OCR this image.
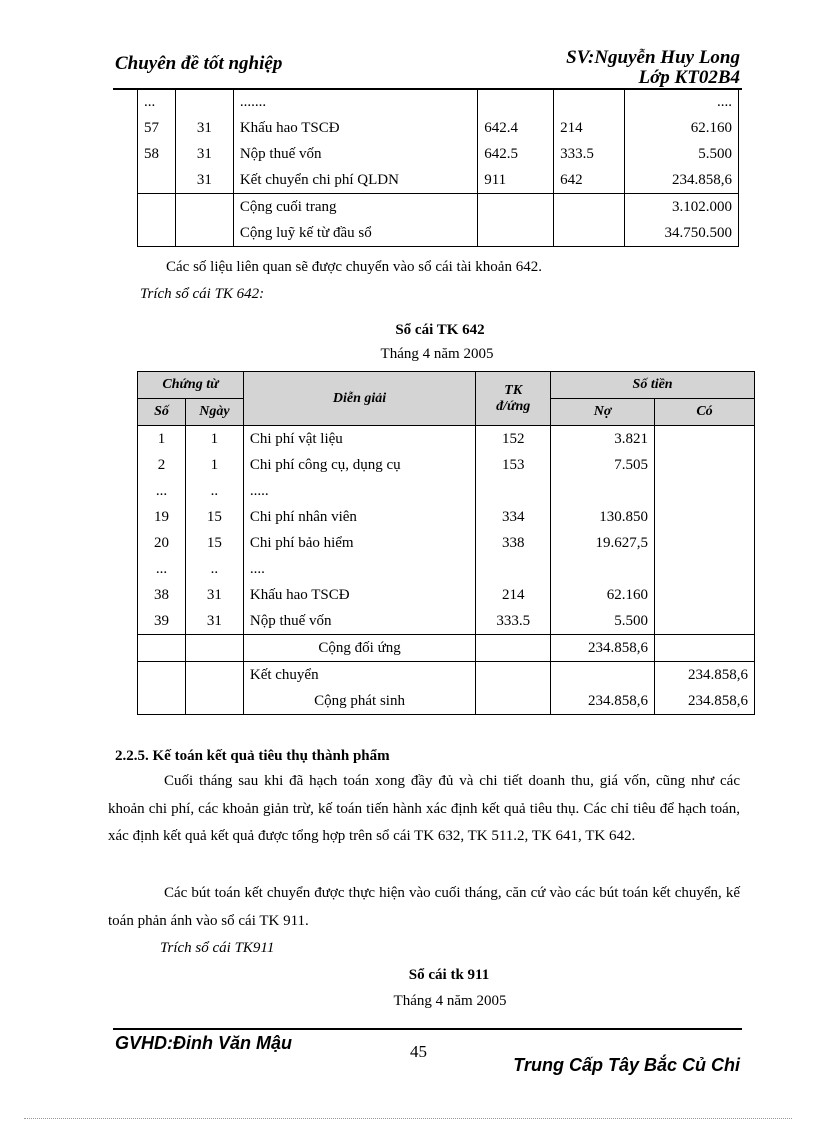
Chuyên đề tốt nghiệp	SV:Nguyễn Huy Long
Lớp KT02B4
...		.......			....
57	31	Khấu hao TSCĐ	642.4	214	62.160
58	31	Nộp thuế vốn	642.5	333.5	5.500
	31	Kết chuyển chi phí QLDN	911	642	234.858,6
		Cộng cuối trang			3.102.000
		Cộng luỹ kế từ đầu sổ			34.750.500
Các số liệu liên quan sẽ được chuyển vào sổ cái tài khoản 642.
Trích sổ cái TK 642:
Sổ cái TK 642
Tháng 4 năm 2005
Chứng từ		Diễn giải	TK
đ/ứng	Số tiền	
Số	Ngày			Nợ	Có
1	1	Chi phí vật liệu	152	3.821	
2	1	Chi phí công cụ, dụng cụ	153	7.505	
...	..	.....			
19	15	Chi phí nhân viên	334	130.850	
20	15	Chi phí bảo hiểm	338	19.627,5	
...	..	....			
38	31	Khấu hao TSCĐ	214	62.160	
39	31	Nộp thuế vốn	333.5	5.500	
		Cộng đối ứng		234.858,6	
		Kết chuyển			234.858,6
		Cộng phát sinh		234.858,6	234.858,6
2.2.5. Kế toán kết quả tiêu thụ thành phẩm
Cuối tháng sau khi đã hạch toán xong đầy đủ và chi tiết doanh thu, giá vốn, cũng như các khoản chi phí, các khoản giản trừ, kế toán tiến hành xác định kết quả tiêu thụ. Các chỉ tiêu để hạch toán, xác định kết quả kết quả được tổng hợp trên sổ cái TK 632, TK 511.2, TK 641, TK 642.
Các bút toán kết chuyển được thực hiện vào cuối tháng, căn cứ vào các bút toán kết chuyển, kế toán phản ánh vào sổ cái TK 911.
Trích sổ cái TK911
Sổ cái tk 911
Tháng 4 năm 2005
GVHD:Đinh Văn Mậu	45
Trung Cấp Tây Bắc Củ Chi
